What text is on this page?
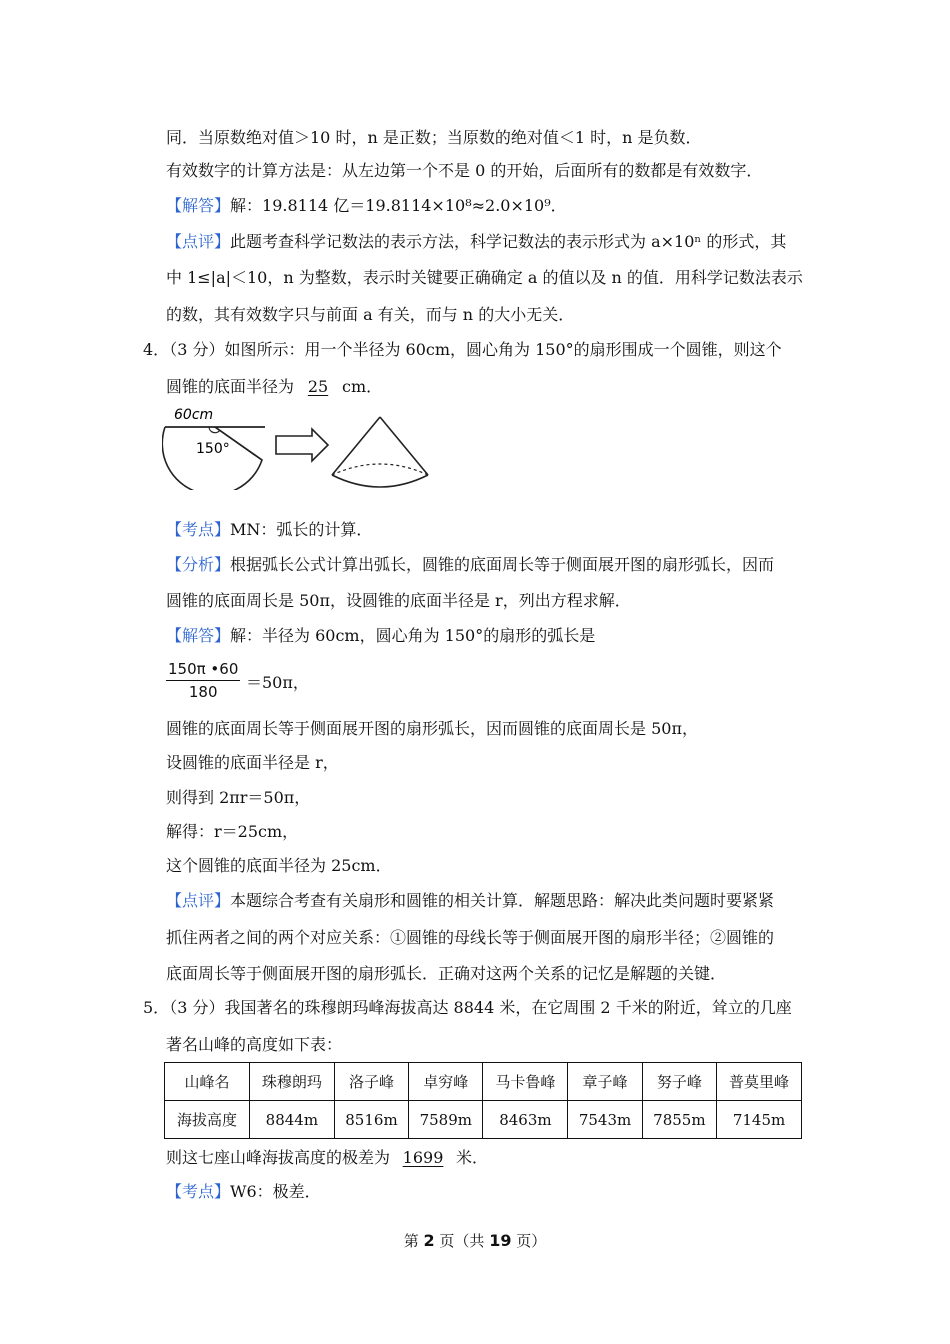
同．当原数绝对值＞10 时，n 是正数；当原数的绝对值＜1 时，n 是负数．
有效数字的计算方法是：从左边第一个不是 0 的开始，后面所有的数都是有效数字．
【解答】解：19.8114 亿＝19.8114×10⁸≈2.0×10⁹．
【点评】此题考查科学记数法的表示方法，科学记数法的表示形式为 a×10ⁿ 的形式，其
中 1≤|a|＜10，n 为整数，表示时关键要正确确定 a 的值以及 n 的值．用科学记数法表示
的数，其有效数字只与前面 a 有关，而与 n 的大小无关．
4．（3 分）如图所示：用一个半径为 60cm，圆心角为 150°的扇形围成一个圆锥，则这个
圆锥的底面半径为 25 cm．
60cm
150°
【考点】MN：弧长的计算．
【分析】根据弧长公式计算出弧长，圆锥的底面周长等于侧面展开图的扇形弧长，因而
圆锥的底面周长是 50π，设圆锥的底面半径是 r，列出方程求解．
【解答】解：半径为 60cm，圆心角为 150°的扇形的弧长是
$\frac{150\pi •60}{180} =50\pi$，
圆锥的底面周长等于侧面展开图的扇形弧长，因而圆锥的底面周长是 50π，
设圆锥的底面半径是 r，
则得到 2πr＝50π，
解得：r＝25cm，
这个圆锥的底面半径为 25cm．
【点评】本题综合考查有关扇形和圆锥的相关计算．解题思路：解决此类问题时要紧紧
抓住两者之间的两个对应关系：①圆锥的母线长等于侧面展开图的扇形半径；②圆锥的
底面周长等于侧面展开图的扇形弧长．正确对这两个关系的记忆是解题的关键．
5．（3 分）我国著名的珠穆朗玛峰海拔高达 8844 米，在它周围 2 千米的附近，耸立的几座
著名山峰的高度如下表：
山峰名	珠穆朗玛	洛子峰	卓穷峰	马卡鲁峰	章子峰	努子峰	普莫里峰
海拔高度	8844m	8516m	7589m	8463m	7543m	7855m	7145m
则这七座山峰海拔高度的极差为 1699 米．
【考点】W6：极差．
第 2 页（共 19 页）
